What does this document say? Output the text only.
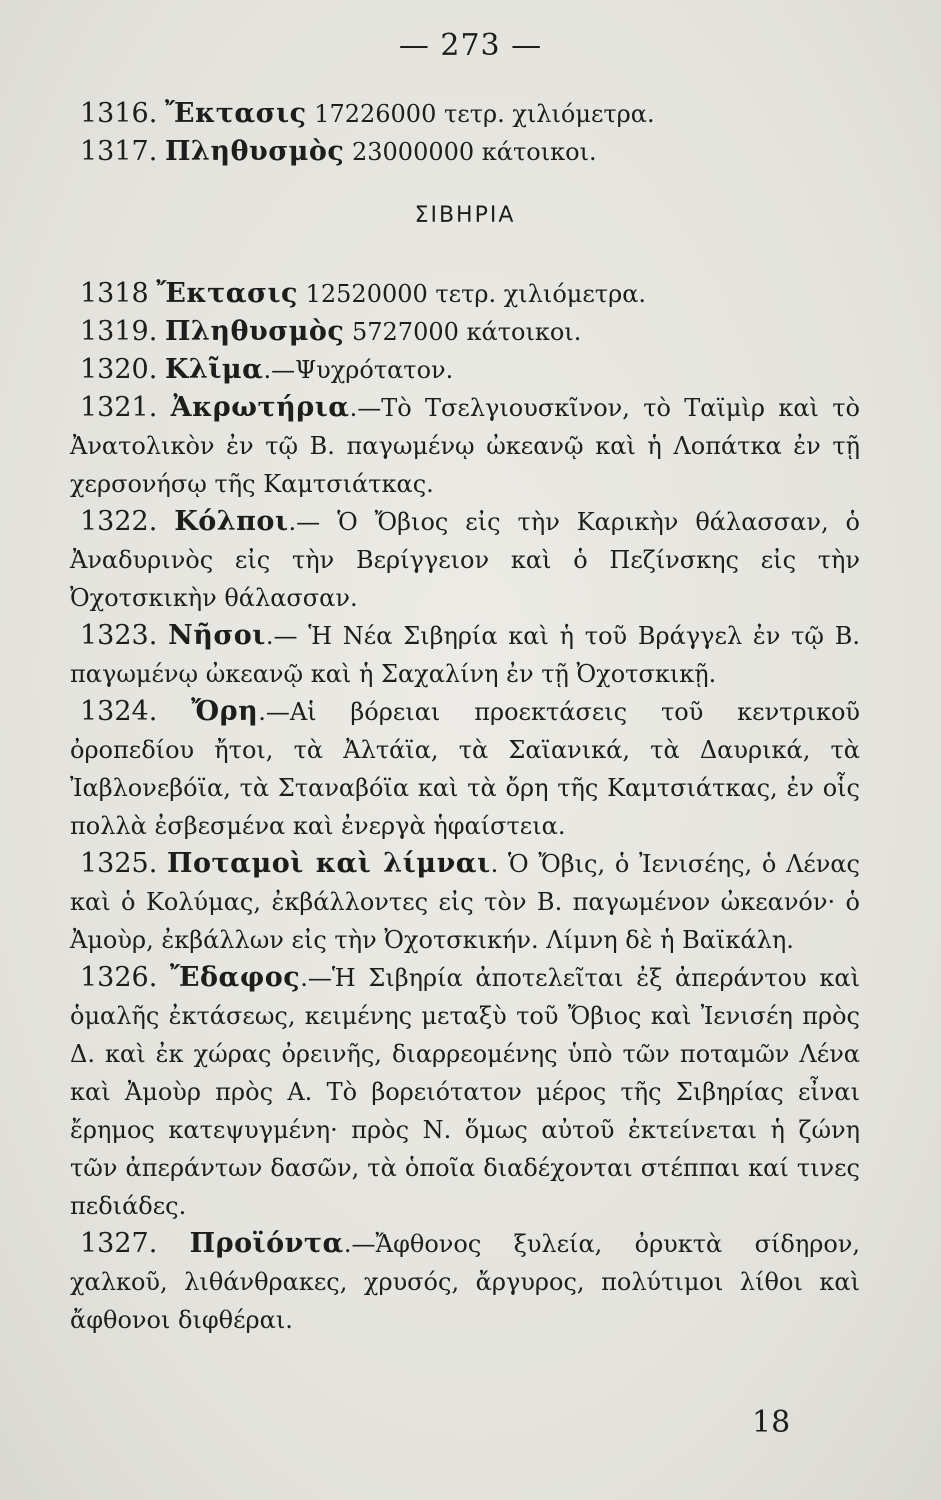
— 273 —

1316. Ἔκτασις 17226000 τετρ. χιλιόμετρα.

1317. Πληθυσμὸς 23000000 κάτοικοι.

ΣΙΒΗΡΙΑ

1318 Ἔκτασις 12520000 τετρ. χιλιόμετρα.

1319. Πληθυσμὸς 5727000 κάτοικοι.

1320. Κλῖμα.—Ψυχρότατον.

1321. Ἀκρωτήρια.—Τὸ Τσελγιουσκῖνον, τὸ Ταϊμὶρ καὶ τὸ Ἀνατολικὸν ἐν τῷ Β. παγωμένῳ ὠκεανῷ καὶ ἡ Λοπάτκα ἐν τῇ χερσονήσῳ τῆς Καμτσιάτκας.

1322. Κόλποι.— Ὁ Ὄβιος εἰς τὴν Καρικὴν θάλασσαν, ὁ Ἀναδυρινὸς εἰς τὴν Βερίγγειον καὶ ὁ Πεζίνσκης εἰς τὴν Ὀχοτσκικὴν θάλασσαν.

1323. Νῆσοι.— Ἡ Νέα Σιβηρία καὶ ἡ τοῦ Βράγγελ ἐν τῷ Β. παγωμένῳ ὠκεανῷ καὶ ἡ Σαχαλίνη ἐν τῇ Ὀχοτσκικῇ.

1324. Ὄρη.—Αἱ βόρειαι προεκτάσεις τοῦ κεντρικοῦ ὀροπεδίου ἤτοι, τὰ Ἀλτάϊα, τὰ Σαϊανικά, τὰ Δαυρικά, τὰ Ἰαβλονεβόϊα, τὰ Σταναβόϊα καὶ τὰ ὄρη τῆς Καμτσιάτκας, ἐν οἷς πολλὰ ἐσβεσμένα καὶ ἐνεργὰ ἡφαίστεια.

1325. Ποταμοὶ καὶ λίμναι. Ὁ Ὄβις, ὁ Ἰενισέης, ὁ Λένας καὶ ὁ Κολύμας, ἐκβάλλοντες εἰς τὸν Β. παγωμένον ὠκεανόν· ὁ Ἀμοὺρ, ἐκβάλλων εἰς τὴν Ὀχοτσκικήν. Λίμνη δὲ ἡ Βαϊκάλη.

1326. Ἔδαφος.—Ἡ Σιβηρία ἀποτελεῖται ἐξ ἀπεράντου καὶ ὁμαλῆς ἐκτάσεως, κειμένης μεταξὺ τοῦ Ὄβιος καὶ Ἰενισέη πρὸς Δ. καὶ ἐκ χώρας ὀρεινῆς, διαρρεομένης ὑπὸ τῶν ποταμῶν Λένα καὶ Ἀμοὺρ πρὸς Α. Τὸ βορειότατον μέρος τῆς Σιβηρίας εἶναι ἔρημος κατεψυγμένη· πρὸς Ν. ὅμως αὐτοῦ ἐκτείνεται ἡ ζώνη τῶν ἀπεράντων δασῶν, τὰ ὁποῖα διαδέχονται στέππαι καί τινες πεδιάδες.

1327. Προϊόντα.—Ἄφθονος ξυλεία, ὀρυκτὰ σίδηρον, χαλκοῦ, λιθάνθρακες, χρυσός, ἄργυρος, πολύτιμοι λίθοι καὶ ἄφθονοι διφθέραι.

18
